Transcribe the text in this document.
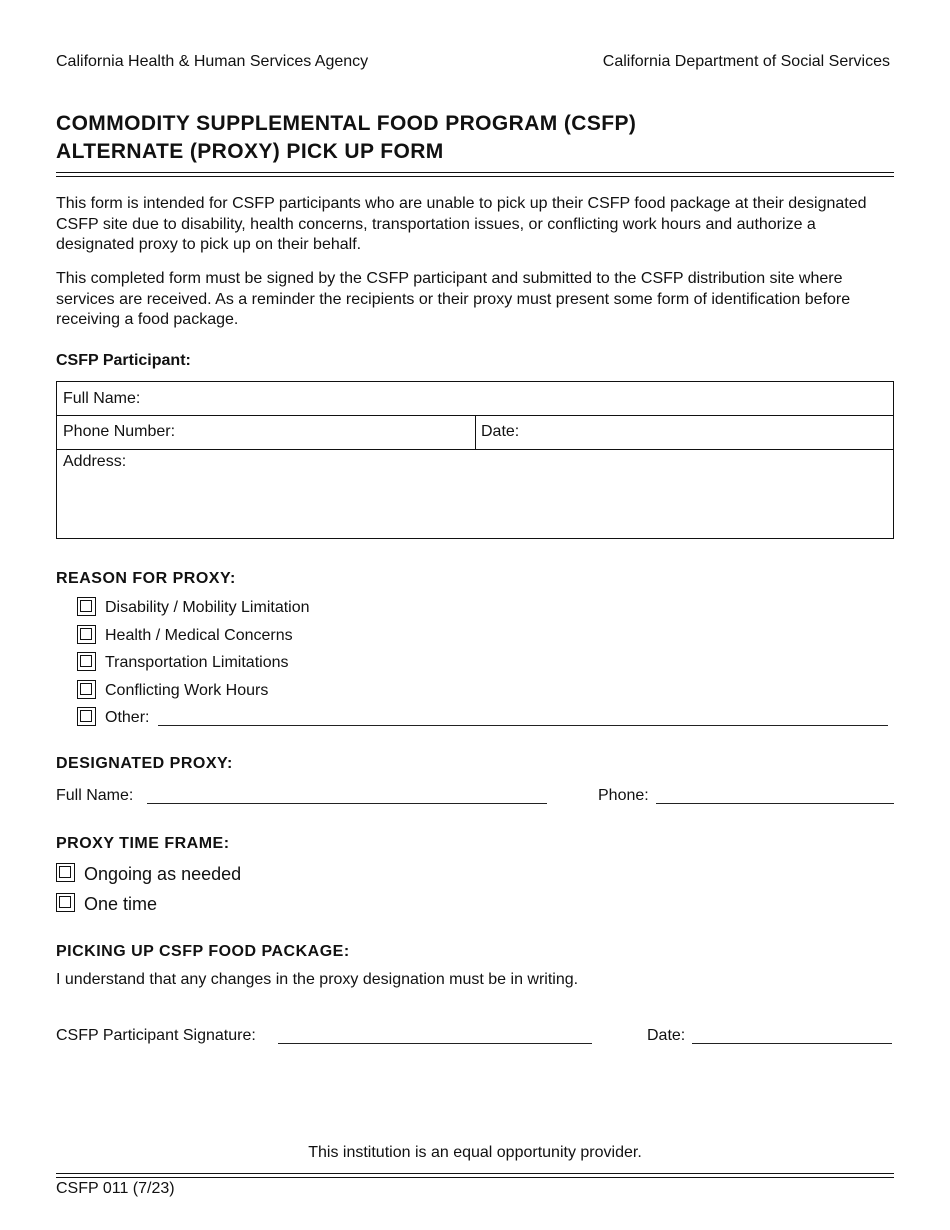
California Health & Human Services Agency	California Department of Social Services
COMMODITY SUPPLEMENTAL FOOD PROGRAM (CSFP)
ALTERNATE (PROXY) PICK UP FORM
This form is intended for CSFP participants who are unable to pick up their CSFP food package at their designated CSFP site due to disability, health concerns, transportation issues, or conflicting work hours and authorize a designated proxy to pick up on their behalf.
This completed form must be signed by the CSFP participant and submitted to the CSFP distribution site where services are received. As a reminder the recipients or their proxy must present some form of identification before receiving a food package.
CSFP Participant:
Full Name:
Phone Number:	Date:
Address:
REASON FOR PROXY:
Disability / Mobility Limitation
Health / Medical Concerns
Transportation Limitations
Conflicting Work Hours
Other:
DESIGNATED PROXY:
Full Name:	Phone:
PROXY TIME FRAME:
Ongoing as needed
One time
PICKING UP CSFP FOOD PACKAGE:
I understand that any changes in the proxy designation must be in writing.
CSFP Participant Signature:	Date:
This institution is an equal opportunity provider.
CSFP 011 (7/23)
